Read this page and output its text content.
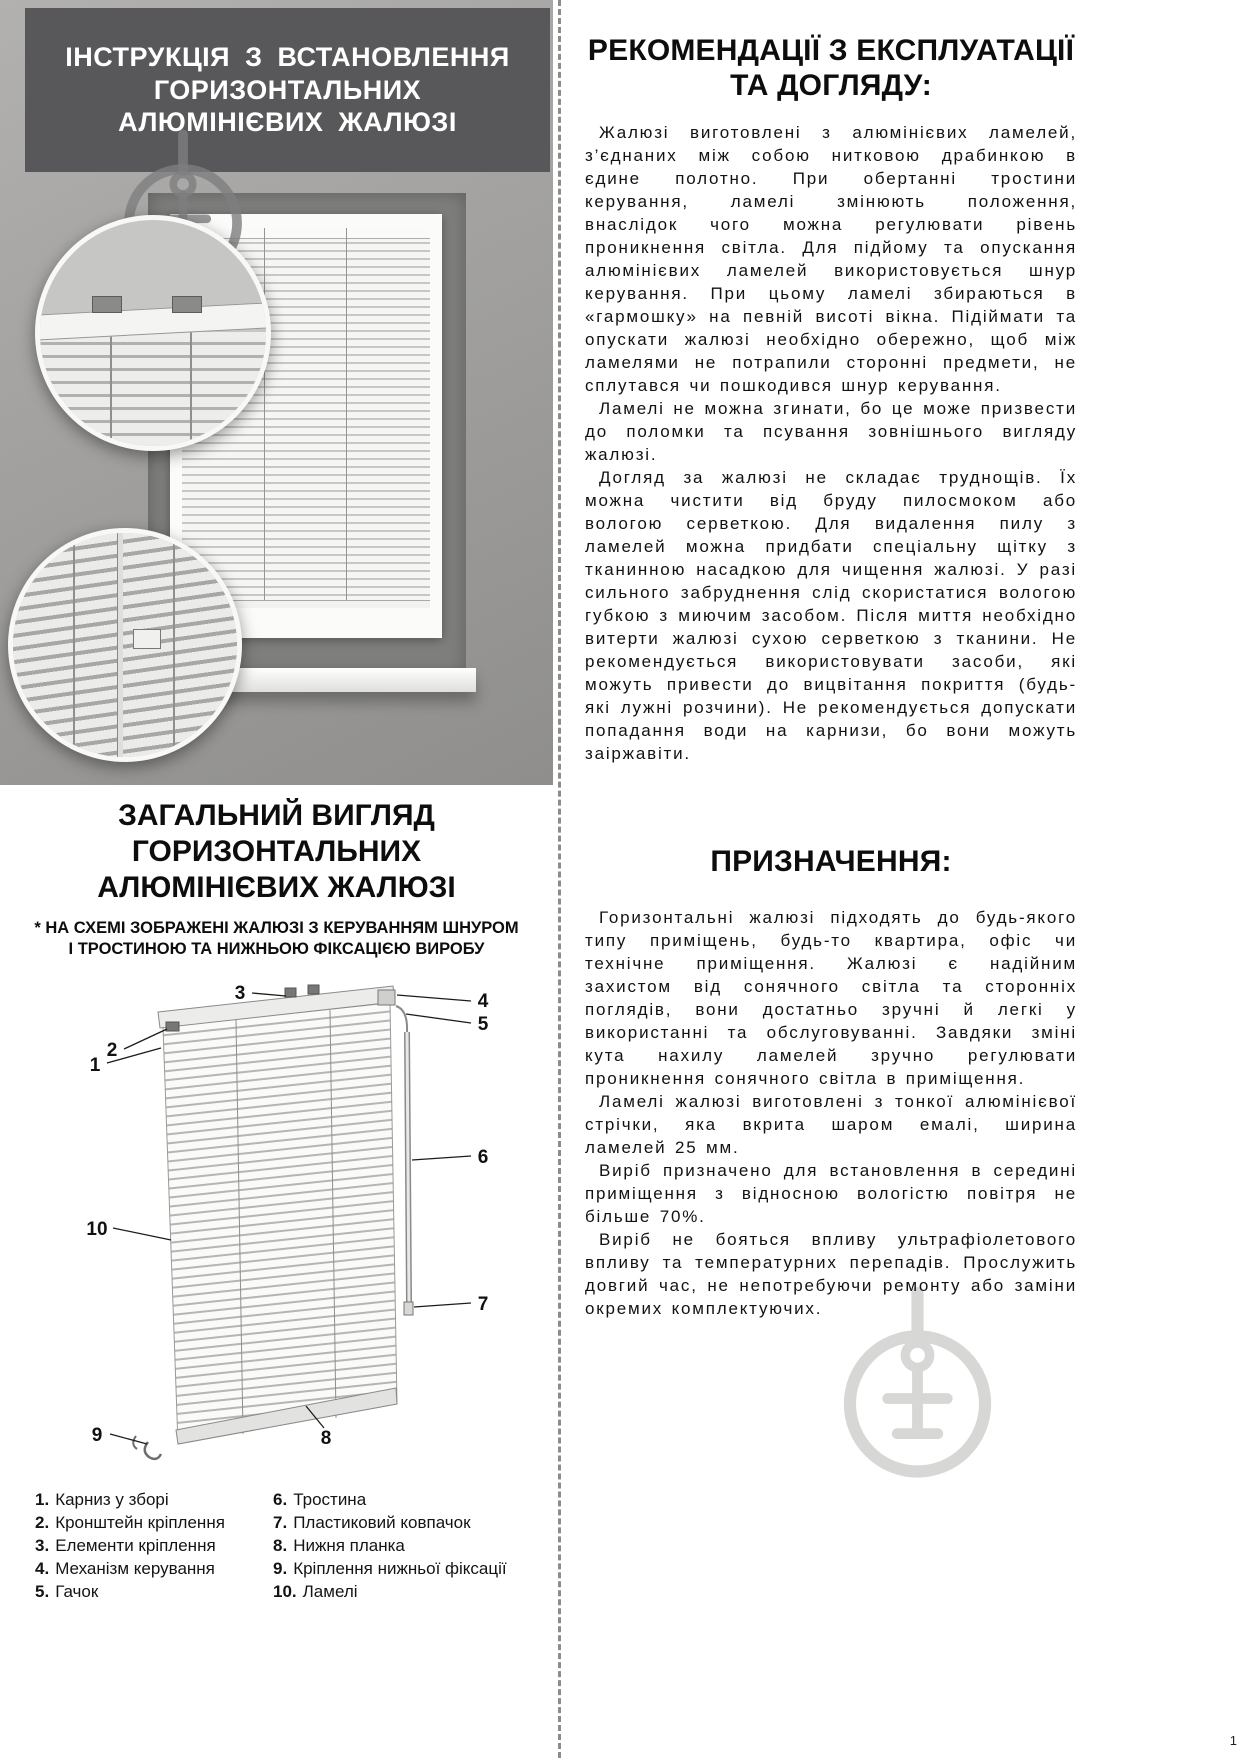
ІНСТРУКЦІЯ З ВСТАНОВЛЕННЯ ГОРИЗОНТАЛЬНИХ АЛЮМІНІЄВИХ ЖАЛЮЗІ
ЗАГАЛЬНИЙ ВИГЛЯД ГОРИЗОНТАЛЬНИХ АЛЮМІНІЄВИХ ЖАЛЮЗІ
* НА СХЕМІ ЗОБРАЖЕНІ ЖАЛЮЗІ З КЕРУВАННЯМ ШНУРОМ І ТРОСТИНОЮ ТА НИЖНЬОЮ ФІКСАЦІЄЮ ВИРОБУ
3	4
5
2
1
6
10
7
9	8
1. Карниз у зборі
2. Кронштейн кріплення
3. Елементи кріплення
4. Механізм керування
5. Гачок
6. Тростина
7. Пластиковий ковпачок
8. Нижня планка
9. Кріплення нижньої фіксації
10. Ламелі
РЕКОМЕНДАЦІЇ З ЕКСПЛУАТАЦІЇ ТА ДОГЛЯДУ:

Жалюзі виготовлені з алюмінієвих ламелей, з’єднаних між собою нитковою драбинкою в єдине полотно. При обертанні тростини керування, ламелі змінюють положення, внаслідок чого можна регулювати рівень проникнення світла. Для підйому та опускання алюмінієвих ламелей використовується шнур керування. При цьому ламелі збираються в «гармошку» на певній висоті вікна. Підіймати та опускати жалюзі необхідно обережно, щоб між ламелями не потрапили сторонні предмети, не сплутався чи пошкодився шнур керування.

Ламелі не можна згинати, бо це може призвести до поломки та псування зовнішнього вигляду жалюзі.

Догляд за жалюзі не складає труднощів. Їх можна чистити від бруду пилосмоком або вологою серветкою. Для видалення пилу з ламелей можна придбати спеціальну щітку з тканинною насадкою для чищення жалюзі. У разі сильного забруднення слід скористатися вологою губкою з миючим засобом. Після миття необхідно витерти жалюзі сухою серветкою з тканини. Не рекомендується використовувати засоби, які можуть привести до вицвітання покриття (будь-які лужні розчини). Не рекомендується допускати попадання води на карнизи, бо вони можуть заіржавіти.

ПРИЗНАЧЕННЯ:

Горизонтальні жалюзі підходять до будь-якого типу приміщень, будь-то квартира, офіс чи технічне приміщення. Жалюзі є надійним захистом від сонячного світла та сторонніх поглядів, вони достатньо зручні й легкі у використанні та обслуговуванні. Завдяки зміні кута нахилу ламелей зручно регулювати проникнення сонячного світла в приміщення.

Ламелі жалюзі виготовлені з тонкої алюмінієвої стрічки, яка вкрита шаром емалі, ширина ламелей 25 мм.

Виріб призначено для встановлення в середині приміщення з відносною вологістю повітря не більше 70%.

Виріб не бояться впливу ультрафіолетового впливу та температурних перепадів. Прослужить довгий час, не непотребуючи ремонту або заміни окремих комплектуючих.

1
